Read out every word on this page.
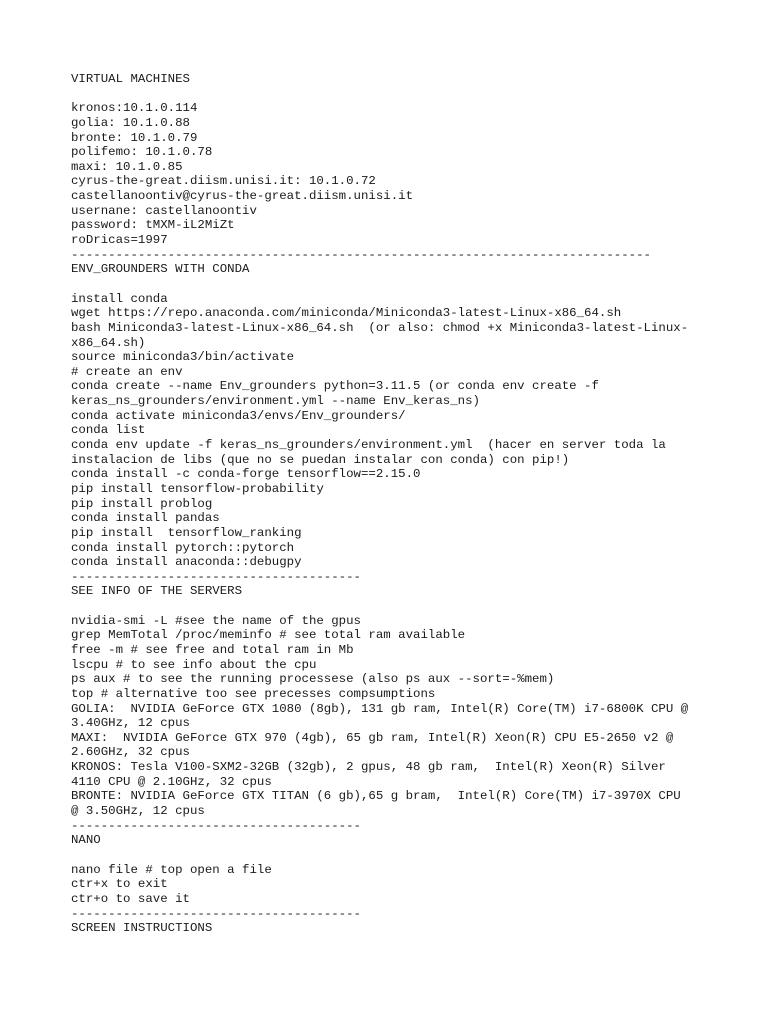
VIRTUAL MACHINES
kronos:10.1.0.114
golia: 10.1.0.88
bronte: 10.1.0.79
polifemo: 10.1.0.78
maxi: 10.1.0.85
cyrus-the-great.diism.unisi.it: 10.1.0.72
castellanoontiv@cyrus-the-great.diism.unisi.it
usernane: castellanoontiv
password: tMXM-iL2MiZt
roDricas=1997
------------------------------------------------------------------------------
ENV_GROUNDERS WITH CONDA
install conda
wget https://repo.anaconda.com/miniconda/Miniconda3-latest-Linux-x86_64.sh
bash Miniconda3-latest-Linux-x86_64.sh  (or also: chmod +x Miniconda3-latest-Linux-
x86_64.sh)
source miniconda3/bin/activate
# create an env
conda create --name Env_grounders python=3.11.5 (or conda env create -f
keras_ns_grounders/environment.yml --name Env_keras_ns)
conda activate miniconda3/envs/Env_grounders/
conda list
conda env update -f keras_ns_grounders/environment.yml  (hacer en server toda la
instalacion de libs (que no se puedan instalar con conda) con pip!)
conda install -c conda-forge tensorflow==2.15.0
pip install tensorflow-probability
pip install problog
conda install pandas
pip install  tensorflow_ranking
conda install pytorch::pytorch
conda install anaconda::debugpy
---------------------------------------
SEE INFO OF THE SERVERS
nvidia-smi -L #see the name of the gpus
grep MemTotal /proc/meminfo # see total ram available
free -m # see free and total ram in Mb
lscpu # to see info about the cpu
ps aux # to see the running processese (also ps aux --sort=-%mem)
top # alternative too see precesses compsumptions
GOLIA:  NVIDIA GeForce GTX 1080 (8gb), 131 gb ram, Intel(R) Core(TM) i7-6800K CPU @
3.40GHz, 12 cpus
MAXI:  NVIDIA GeForce GTX 970 (4gb), 65 gb ram, Intel(R) Xeon(R) CPU E5-2650 v2 @
2.60GHz, 32 cpus
KRONOS: Tesla V100-SXM2-32GB (32gb), 2 gpus, 48 gb ram,  Intel(R) Xeon(R) Silver
4110 CPU @ 2.10GHz, 32 cpus
BRONTE: NVIDIA GeForce GTX TITAN (6 gb),65 g bram,  Intel(R) Core(TM) i7-3970X CPU
@ 3.50GHz, 12 cpus
---------------------------------------
NANO
nano file # top open a file
ctr+x to exit
ctr+o to save it
---------------------------------------
SCREEN INSTRUCTIONS
